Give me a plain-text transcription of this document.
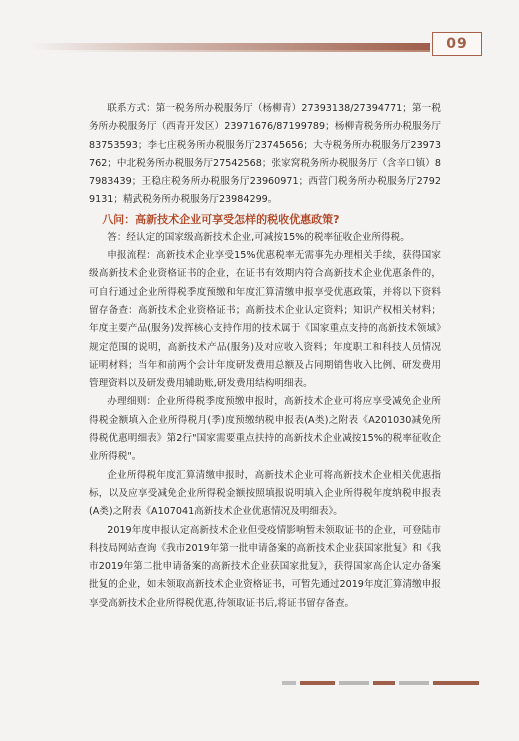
09

联系方式：第一税务所办税服务厅（杨柳青）27393138/27394771；第一税务所办税服务厅（西青开发区）23971676/87199789；杨柳青税务所办税服务厅83753593；李七庄税务所办税服务厅23745656；大寺税务所办税服务厅23973762；中北税务所办税服务厅27542568；张家窝税务所办税服务厅（含辛口镇）87983439；王稳庄税务所办税服务厅23960971；西营门税务所办税服务厅27929131；精武税务所办税服务厅23984299。

八问：高新技术企业可享受怎样的税收优惠政策?

答：经认定的国家级高新技术企业,可减按15%的税率征收企业所得税。

申报流程：高新技术企业享受15%优惠税率无需事先办理相关手续，获得国家级高新技术企业资格证书的企业，在证书有效期内符合高新技术企业优惠条件的，可自行通过企业所得税季度预缴和年度汇算清缴申报享受优惠政策，并将以下资料留存备查：高新技术企业资格证书；高新技术企业认定资料；知识产权相关材料；年度主要产品(服务)发挥核心支持作用的技术属于《国家重点支持的高新技术领域》规定范围的说明，高新技术产品(服务)及对应收入资料；年度职工和科技人员情况证明材料；当年和前两个会计年度研发费用总额及占同期销售收入比例、研发费用管理资料以及研发费用辅助账,研发费用结构明细表。

办理细则：企业所得税季度预缴申报时，高新技术企业可将应享受减免企业所得税金额填入企业所得税月(季)度预缴纳税申报表(A类)之附表《A201030减免所得税优惠明细表》第2行"国家需要重点扶持的高新技术企业减按15%的税率征收企业所得税"。

企业所得税年度汇算清缴申报时，高新技术企业可将高新技术企业相关优惠指标，以及应享受减免企业所得税金额按照填报说明填入企业所得税年度纳税申报表(A类)之附表《A107041高新技术企业优惠情况及明细表》。

2019年度申报认定高新技术企业但受疫情影响暂未领取证书的企业，可登陆市科技局网站查询《我市2019年第一批申请备案的高新技术企业获国家批复》和《我市2019年第二批申请备案的高新技术企业获国家批复》，获得国家高企认定办备案批复的企业，如未领取高新技术企业资格证书，可暂先通过2019年度汇算清缴申报享受高新技术企业所得税优惠,待领取证书后,将证书留存备查。
